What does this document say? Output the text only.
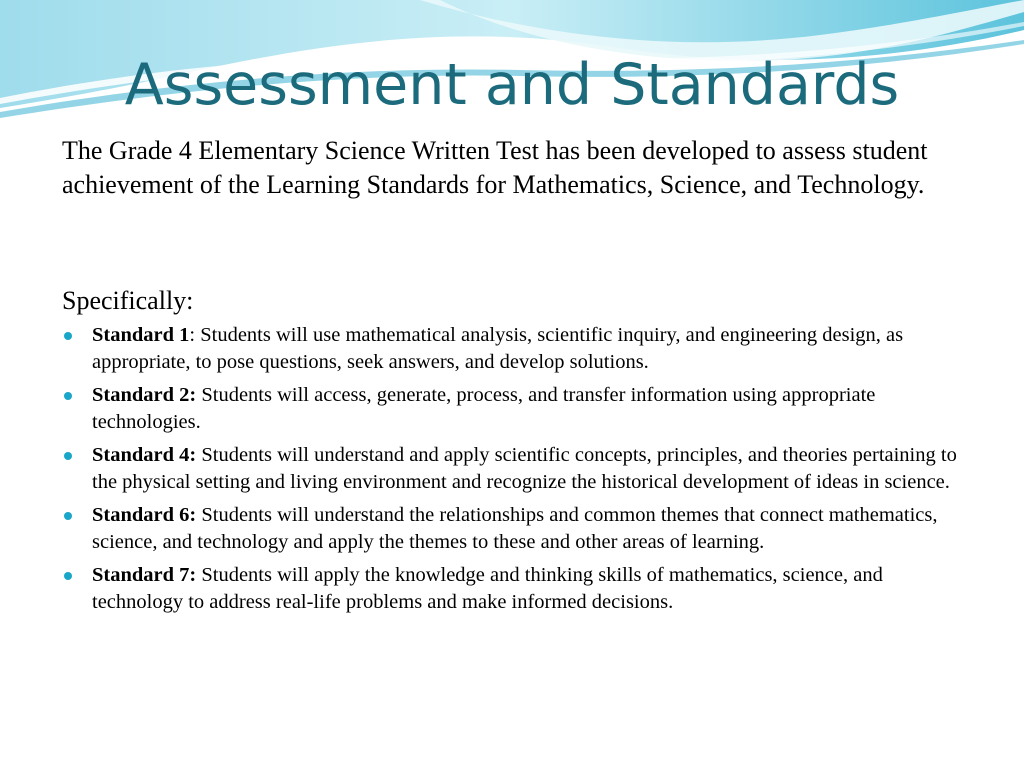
Assessment and Standards

The Grade 4 Elementary Science Written Test has been developed to assess student achievement of the Learning Standards for Mathematics, Science, and Technology.

Specifically:

Standard 1: Students will use mathematical analysis, scientific inquiry, and engineering design, as appropriate, to pose questions, seek answers, and develop solutions.
Standard 2: Students will access, generate, process, and transfer information using appropriate technologies.
Standard 4: Students will understand and apply scientific concepts, principles, and theories pertaining to the physical setting and living environment and recognize the historical development of ideas in science.
Standard 6: Students will understand the relationships and common themes that connect mathematics, science, and technology and apply the themes to these and other areas of learning.
Standard 7: Students will apply the knowledge and thinking skills of mathematics, science, and technology to address real-life problems and make informed decisions.
